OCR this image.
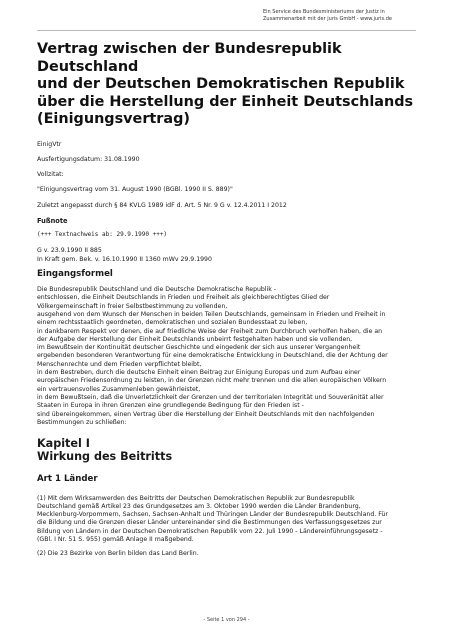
Ein Service des Bundesministeriums der Justiz in
Zusammenarbeit mit der juris GmbH - www.juris.de
Vertrag zwischen der Bundesrepublik Deutschland
und der Deutschen Demokratischen Republik
über die Herstellung der Einheit Deutschlands
(Einigungsvertrag)

EinigVtr

Ausfertigungsdatum: 31.08.1990

Vollzitat:

"Einigungsvertrag vom 31. August 1990 (BGBl. 1990 II S. 889)"

Zuletzt angepasst durch § 84 KVLG 1989 idF d. Art. 5 Nr. 9 G v. 12.4.2011 I 2012

Fußnote

(+++ Textnachweis ab: 29.9.1990 +++)

G v. 23.9.1990 II 885

In Kraft gem. Bek. v. 16.10.1990 II 1360 mWv 29.9.1990

Eingangsformel

Die Bundesrepublik Deutschland und die Deutsche Demokratische Republik -

entschlossen, die Einheit Deutschlands in Frieden und Freiheit als gleichberechtigtes Glied der

Völkergemeinschaft in freier Selbstbestimmung zu vollenden,

ausgehend von dem Wunsch der Menschen in beiden Teilen Deutschlands, gemeinsam in Frieden und Freiheit in

einem rechtsstaatlich geordneten, demokratischen und sozialen Bundesstaat zu leben,

in dankbarem Respekt vor denen, die auf friedliche Weise der Freiheit zum Durchbruch verholfen haben, die an

der Aufgabe der Herstellung der Einheit Deutschlands unbeirrt festgehalten haben und sie vollenden,

im Bewußtsein der Kontinuität deutscher Geschichte und eingedenk der sich aus unserer Vergangenheit

ergebenden besonderen Verantwortung für eine demokratische Entwicklung in Deutschland, die der Achtung der

Menschenrechte und dem Frieden verpflichtet bleibt,

in dem Bestreben, durch die deutsche Einheit einen Beitrag zur Einigung Europas und zum Aufbau einer

europäischen Friedensordnung zu leisten, in der Grenzen nicht mehr trennen und die allen europäischen Völkern

ein vertrauensvolles Zusammenleben gewährleistet,

in dem Bewußtsein, daß die Unverletzlichkeit der Grenzen und der territorialen Integrität und Souveränität aller

Staaten in Europa in ihren Grenzen eine grundlegende Bedingung für den Frieden ist -

sind übereingekommen, einen Vertrag über die Herstellung der Einheit Deutschlands mit den nachfolgenden

Bestimmungen zu schließen:

Kapitel I
Wirkung des Beitritts

Art 1 Länder

(1) Mit dem Wirksamwerden des Beitritts der Deutschen Demokratischen Republik zur Bundesrepublik

Deutschland gemäß Artikel 23 des Grundgesetzes am 3. Oktober 1990 werden die Länder Brandenburg,

Mecklenburg-Vorpommern, Sachsen, Sachsen-Anhalt und Thüringen Länder der Bundesrepublik Deutschland. Für

die Bildung und die Grenzen dieser Länder untereinander sind die Bestimmungen des Verfassungsgesetzes zur

Bildung von Ländern in der Deutschen Demokratischen Republik vom 22. Juli 1990 - Ländereinführungsgesetz -

(GBl. I Nr. 51 S. 955) gemäß Anlage II maßgebend.

(2) Die 23 Bezirke von Berlin bilden das Land Berlin.

- Seite 1 von 294 -
